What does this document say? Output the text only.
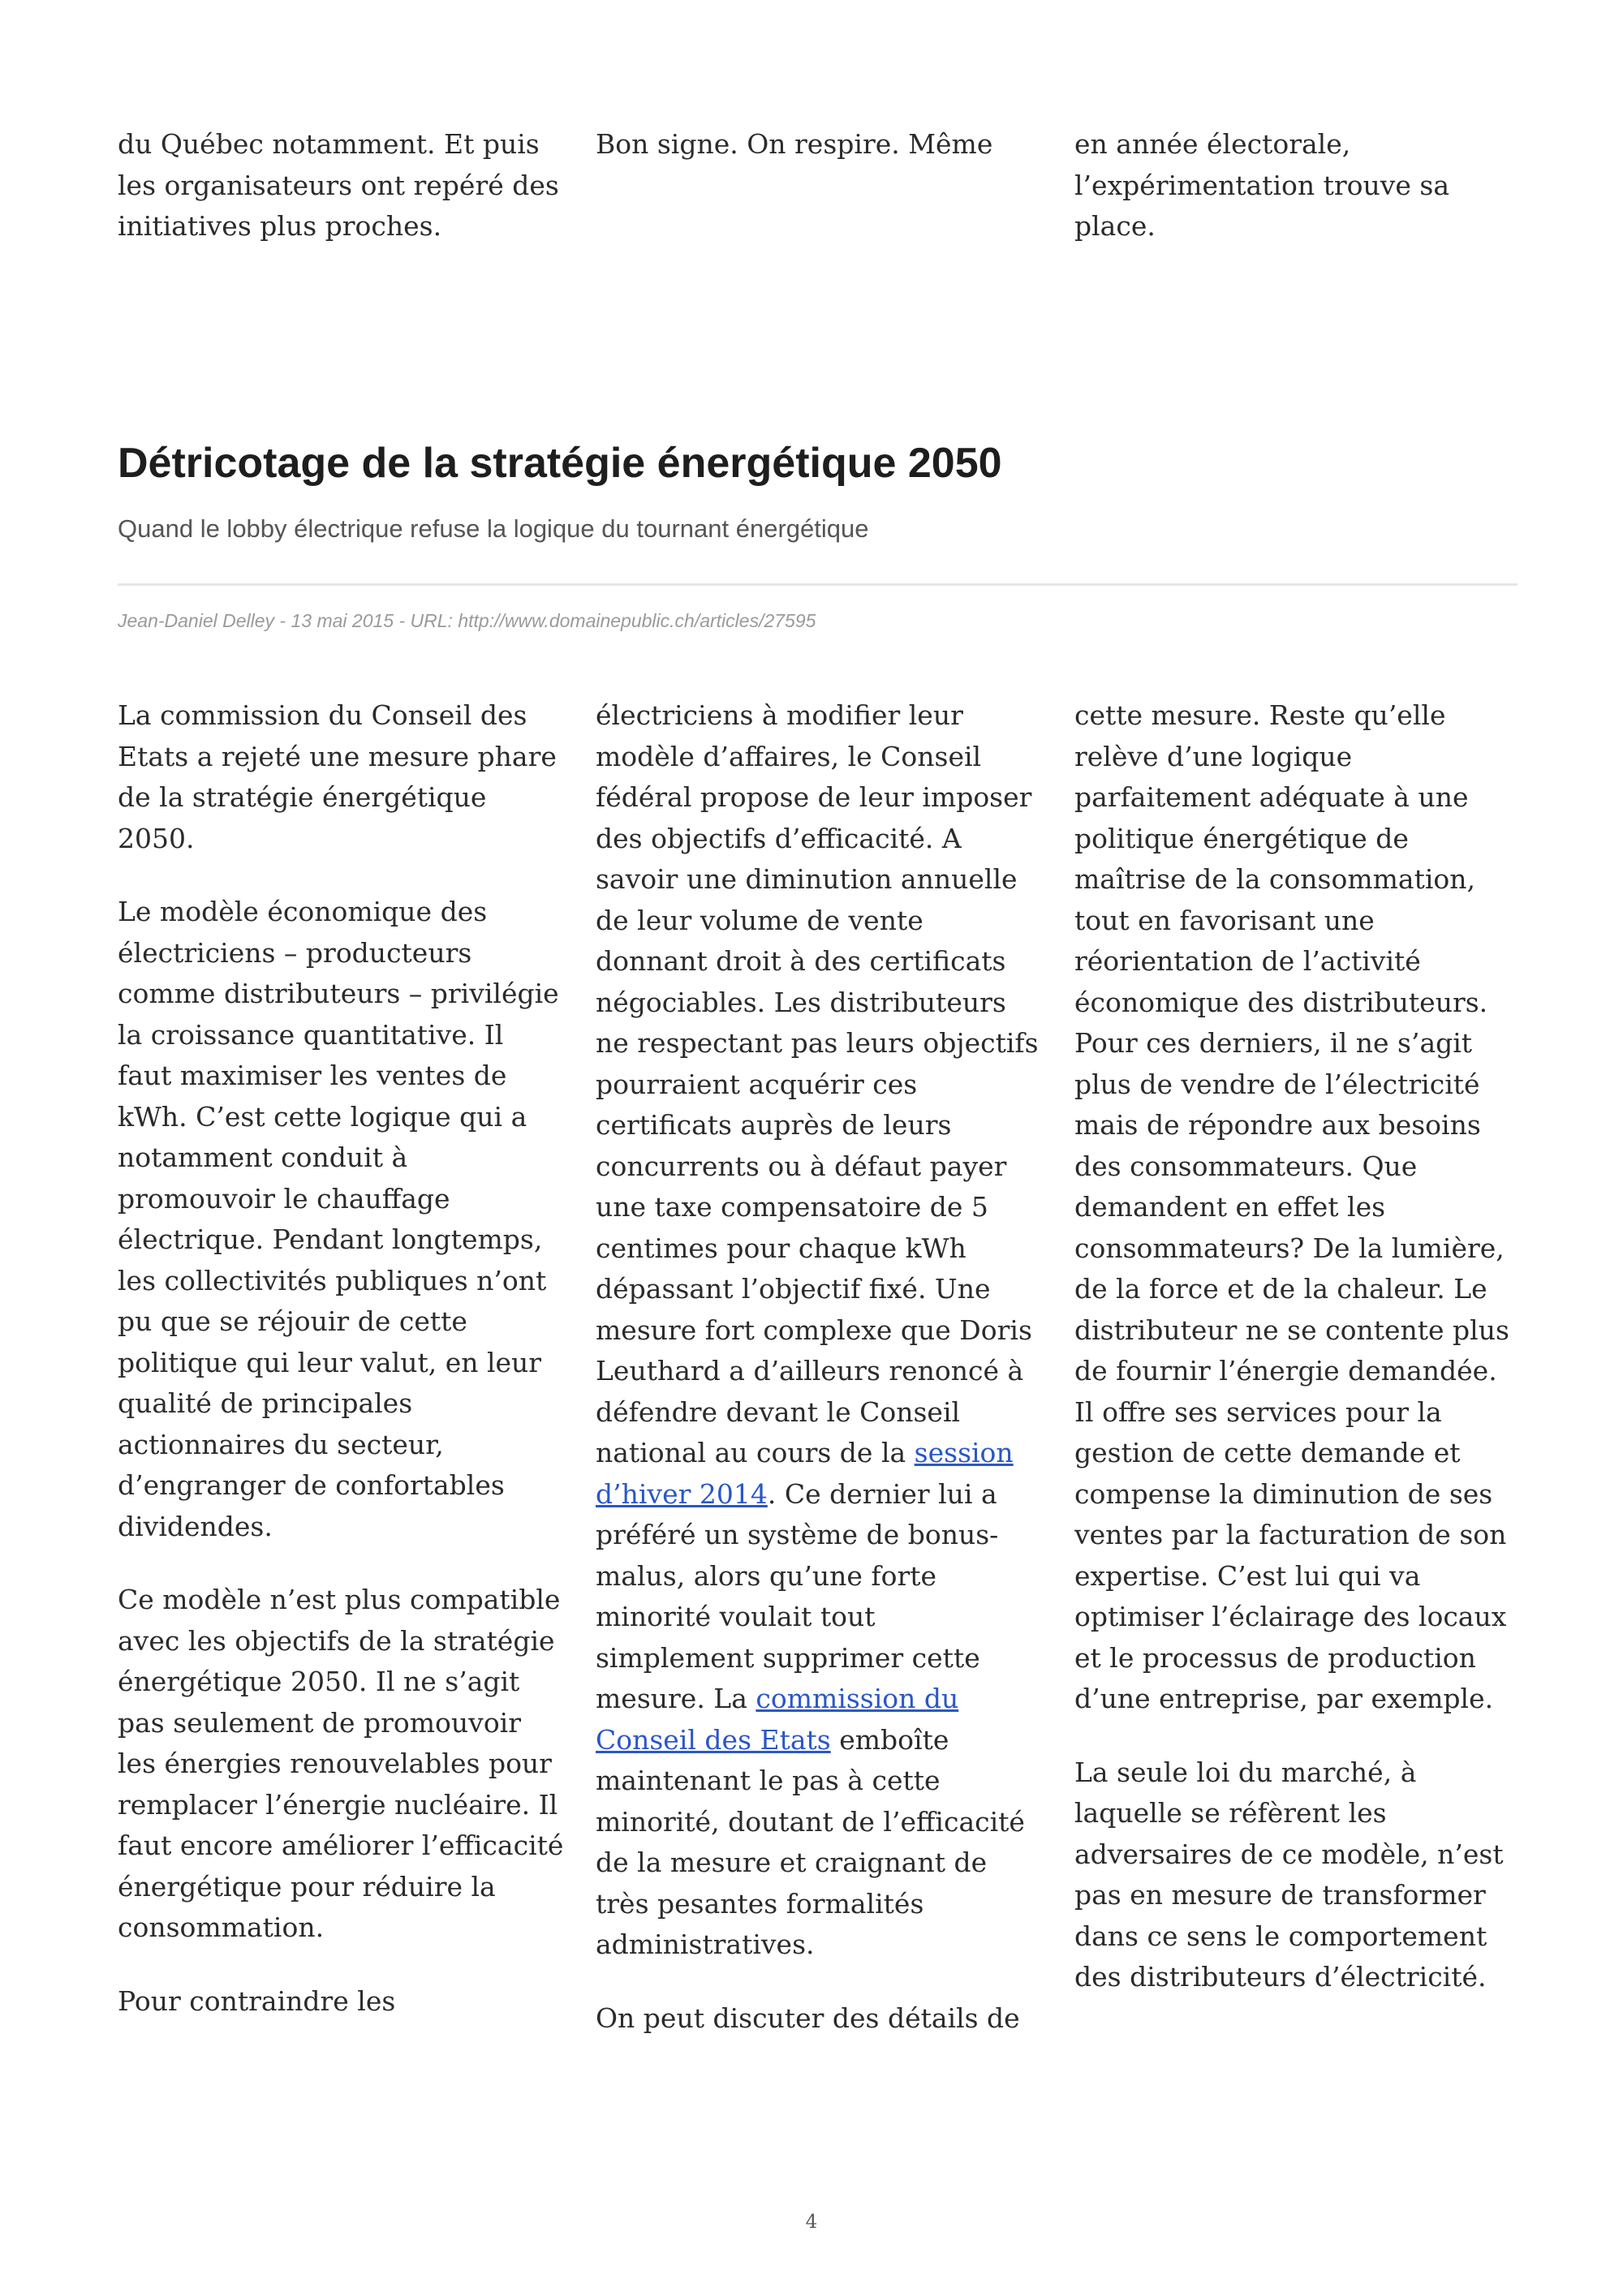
du Québec notamment. Et puis les organisateurs ont repéré des initiatives plus proches.

Bon signe. On respire. Même	en année électorale, l’expérimentation trouve sa place.

Détricotage de la stratégie énergétique 2050

Quand le lobby électrique refuse la logique du tournant énergétique

Jean-Daniel Delley - 13 mai 2015 - URL: http://www.domainepublic.ch/articles/27595

La commission du Conseil des Etats a rejeté une mesure phare de la stratégie énergétique 2050.

Le modèle économique des électriciens – producteurs comme distributeurs – privilégie la croissance quantitative. Il faut maximiser les ventes de kWh. C’est cette logique qui a notamment conduit à promouvoir le chauffage électrique. Pendant longtemps, les collectivités publiques n’ont pu que se réjouir de cette politique qui leur valut, en leur qualité de principales actionnaires du secteur, d’engranger de confortables dividendes.

Ce modèle n’est plus compatible avec les objectifs de la stratégie énergétique 2050. Il ne s’agit pas seulement de promouvoir les énergies renouvelables pour remplacer l’énergie nucléaire. Il faut encore améliorer l’efficacité énergétique pour réduire la consommation.

Pour contraindre les

électriciens à modifier leur modèle d’affaires, le Conseil fédéral propose de leur imposer des objectifs d’efficacité. A savoir une diminution annuelle de leur volume de vente donnant droit à des certificats négociables. Les distributeurs ne respectant pas leurs objectifs pourraient acquérir ces certificats auprès de leurs concurrents ou à défaut payer une taxe compensatoire de 5 centimes pour chaque kWh dépassant l’objectif fixé. Une mesure fort complexe que Doris Leuthard a d’ailleurs renoncé à défendre devant le Conseil national au cours de la session d’hiver 2014. Ce dernier lui a préféré un système de bonus-malus, alors qu’une forte minorité voulait tout simplement supprimer cette mesure. La commission du Conseil des Etats emboîte maintenant le pas à cette minorité, doutant de l’efficacité de la mesure et craignant de très pesantes formalités administratives.

On peut discuter des détails de

cette mesure. Reste qu’elle relève d’une logique parfaitement adéquate à une politique énergétique de maîtrise de la consommation, tout en favorisant une réorientation de l’activité économique des distributeurs. Pour ces derniers, il ne s’agit plus de vendre de l’électricité mais de répondre aux besoins des consommateurs. Que demandent en effet les consommateurs? De la lumière, de la force et de la chaleur. Le distributeur ne se contente plus de fournir l’énergie demandée. Il offre ses services pour la gestion de cette demande et compense la diminution de ses ventes par la facturation de son expertise. C’est lui qui va optimiser l’éclairage des locaux et le processus de production d’une entreprise, par exemple.

La seule loi du marché, à laquelle se réfèrent les adversaires de ce modèle, n’est pas en mesure de transformer dans ce sens le comportement des distributeurs d’électricité.

4
